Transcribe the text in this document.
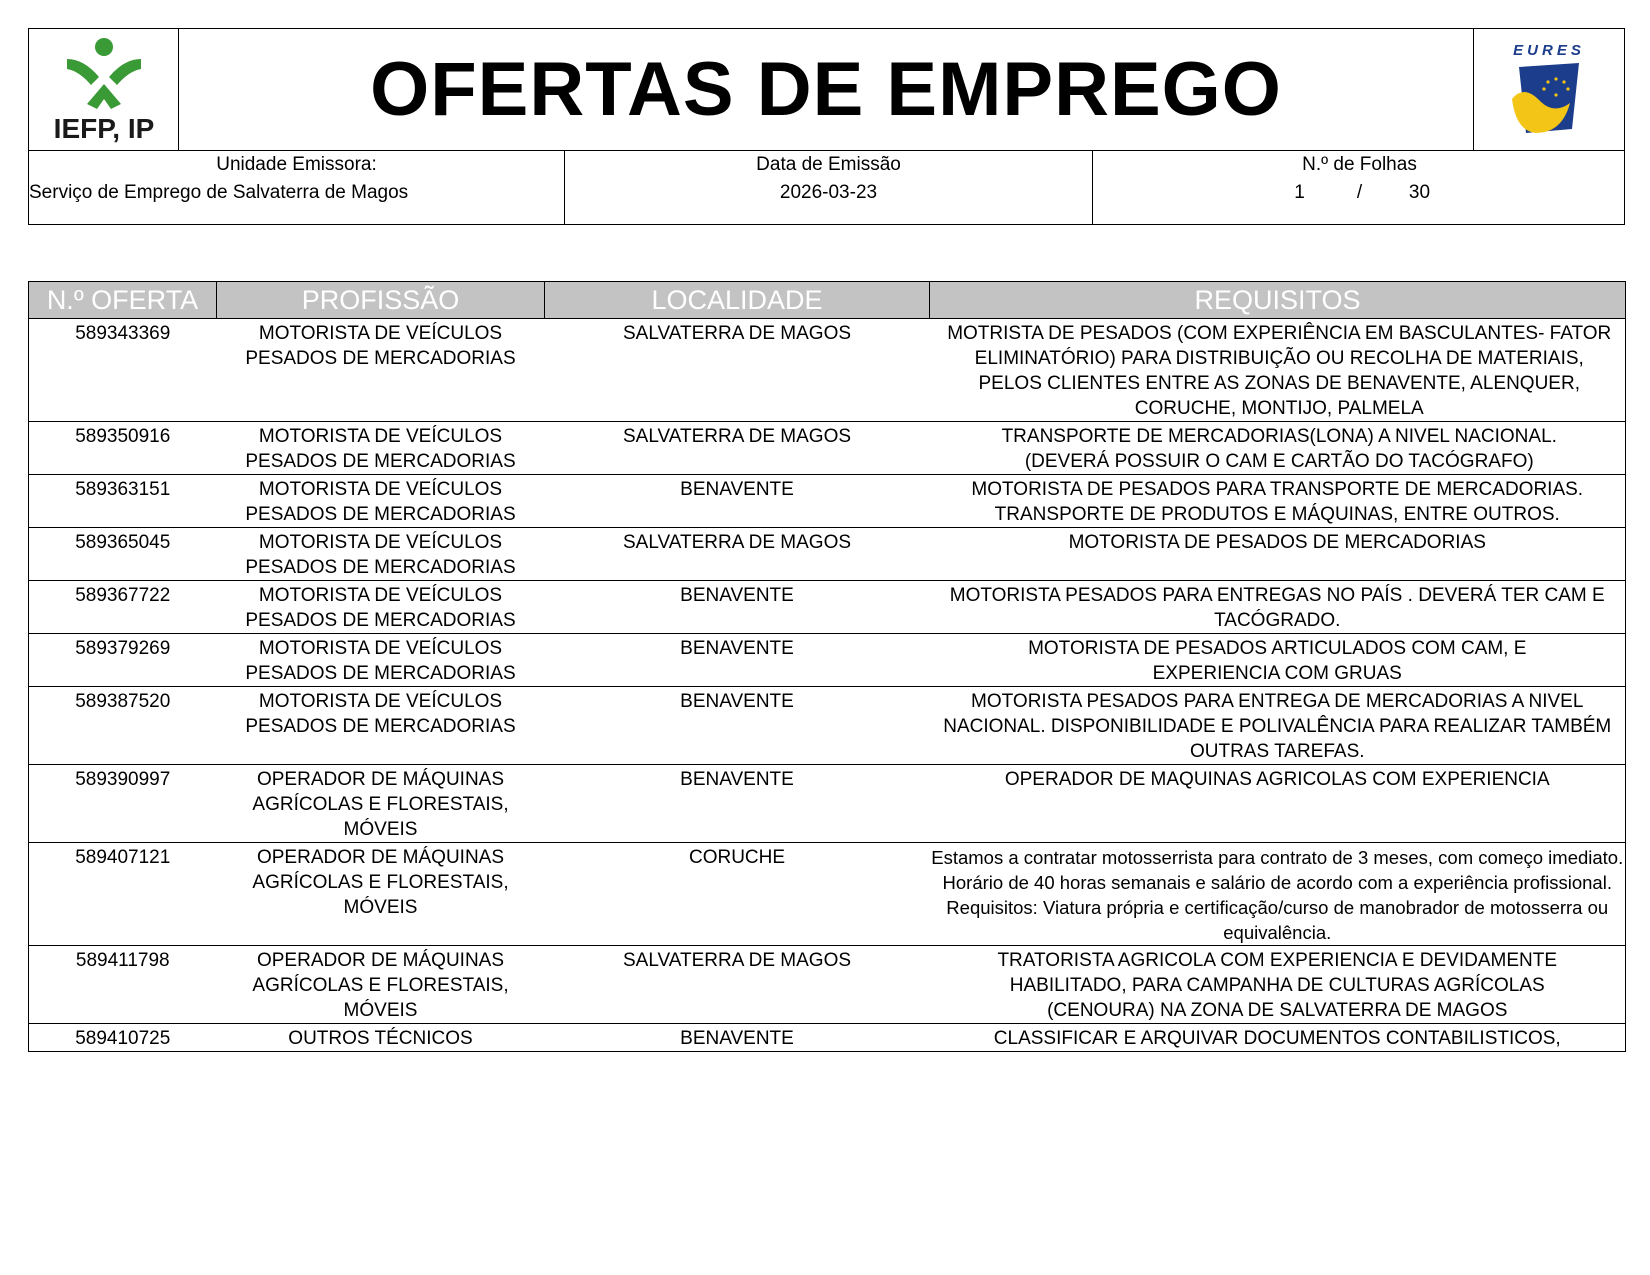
IEFP, IP	OFERTAS DE EMPREGO	EURES
Unidade Emissora:
Serviço de Emprego de Salvaterra de Magos
Data de Emissão
2026-03-23
N.º de Folhas
1	/	30
N.º OFERTA	PROFISSÃO	LOCALIDADE	REQUISITOS
589343369	MOTORISTA DE VEÍCULOS PESADOS DE MERCADORIAS	SALVATERRA DE MAGOS	MOTRISTA DE PESADOS (COM EXPERIÊNCIA EM BASCULANTES- FATOR ELIMINATÓRIO) PARA DISTRIBUIÇÃO OU RECOLHA DE MATERIAIS, PELOS CLIENTES ENTRE AS ZONAS DE BENAVENTE, ALENQUER, CORUCHE, MONTIJO, PALMELA
589350916	MOTORISTA DE VEÍCULOS PESADOS DE MERCADORIAS	SALVATERRA DE MAGOS	TRANSPORTE DE MERCADORIAS(LONA) A NIVEL NACIONAL. (DEVERÁ POSSUIR O CAM E CARTÃO DO TACÓGRAFO)
589363151	MOTORISTA DE VEÍCULOS PESADOS DE MERCADORIAS	BENAVENTE	MOTORISTA DE PESADOS PARA TRANSPORTE DE MERCADORIAS. TRANSPORTE DE PRODUTOS E MÁQUINAS, ENTRE OUTROS.
589365045	MOTORISTA DE VEÍCULOS PESADOS DE MERCADORIAS	SALVATERRA DE MAGOS	MOTORISTA DE PESADOS DE MERCADORIAS
589367722	MOTORISTA DE VEÍCULOS PESADOS DE MERCADORIAS	BENAVENTE	MOTORISTA PESADOS PARA ENTREGAS NO PAÍS . DEVERÁ TER CAM E TACÓGRADO.
589379269	MOTORISTA DE VEÍCULOS PESADOS DE MERCADORIAS	BENAVENTE	MOTORISTA DE PESADOS ARTICULADOS COM CAM, E EXPERIENCIA COM GRUAS
589387520	MOTORISTA DE VEÍCULOS PESADOS DE MERCADORIAS	BENAVENTE	MOTORISTA PESADOS PARA ENTREGA DE MERCADORIAS A NIVEL NACIONAL. DISPONIBILIDADE E POLIVALÊNCIA PARA REALIZAR TAMBÉM OUTRAS TAREFAS.
589390997	OPERADOR DE MÁQUINAS AGRÍCOLAS E FLORESTAIS, MÓVEIS	BENAVENTE	OPERADOR DE MAQUINAS AGRICOLAS COM EXPERIENCIA
589407121	OPERADOR DE MÁQUINAS AGRÍCOLAS E FLORESTAIS, MÓVEIS	CORUCHE	Estamos a contratar motosserrista para contrato de 3 meses, com começo imediato. Horário de 40 horas semanais e salário de acordo com a experiência profissional. Requisitos: Viatura própria e certificação/curso de manobrador de motosserra ou equivalência.
589411798	OPERADOR DE MÁQUINAS AGRÍCOLAS E FLORESTAIS, MÓVEIS	SALVATERRA DE MAGOS	TRATORISTA AGRICOLA COM EXPERIENCIA E DEVIDAMENTE HABILITADO, PARA CAMPANHA DE CULTURAS AGRÍCOLAS (CENOURA) NA ZONA DE SALVATERRA DE MAGOS
589410725	OUTROS TÉCNICOS	BENAVENTE	CLASSIFICAR E ARQUIVAR DOCUMENTOS CONTABILISTICOS,
